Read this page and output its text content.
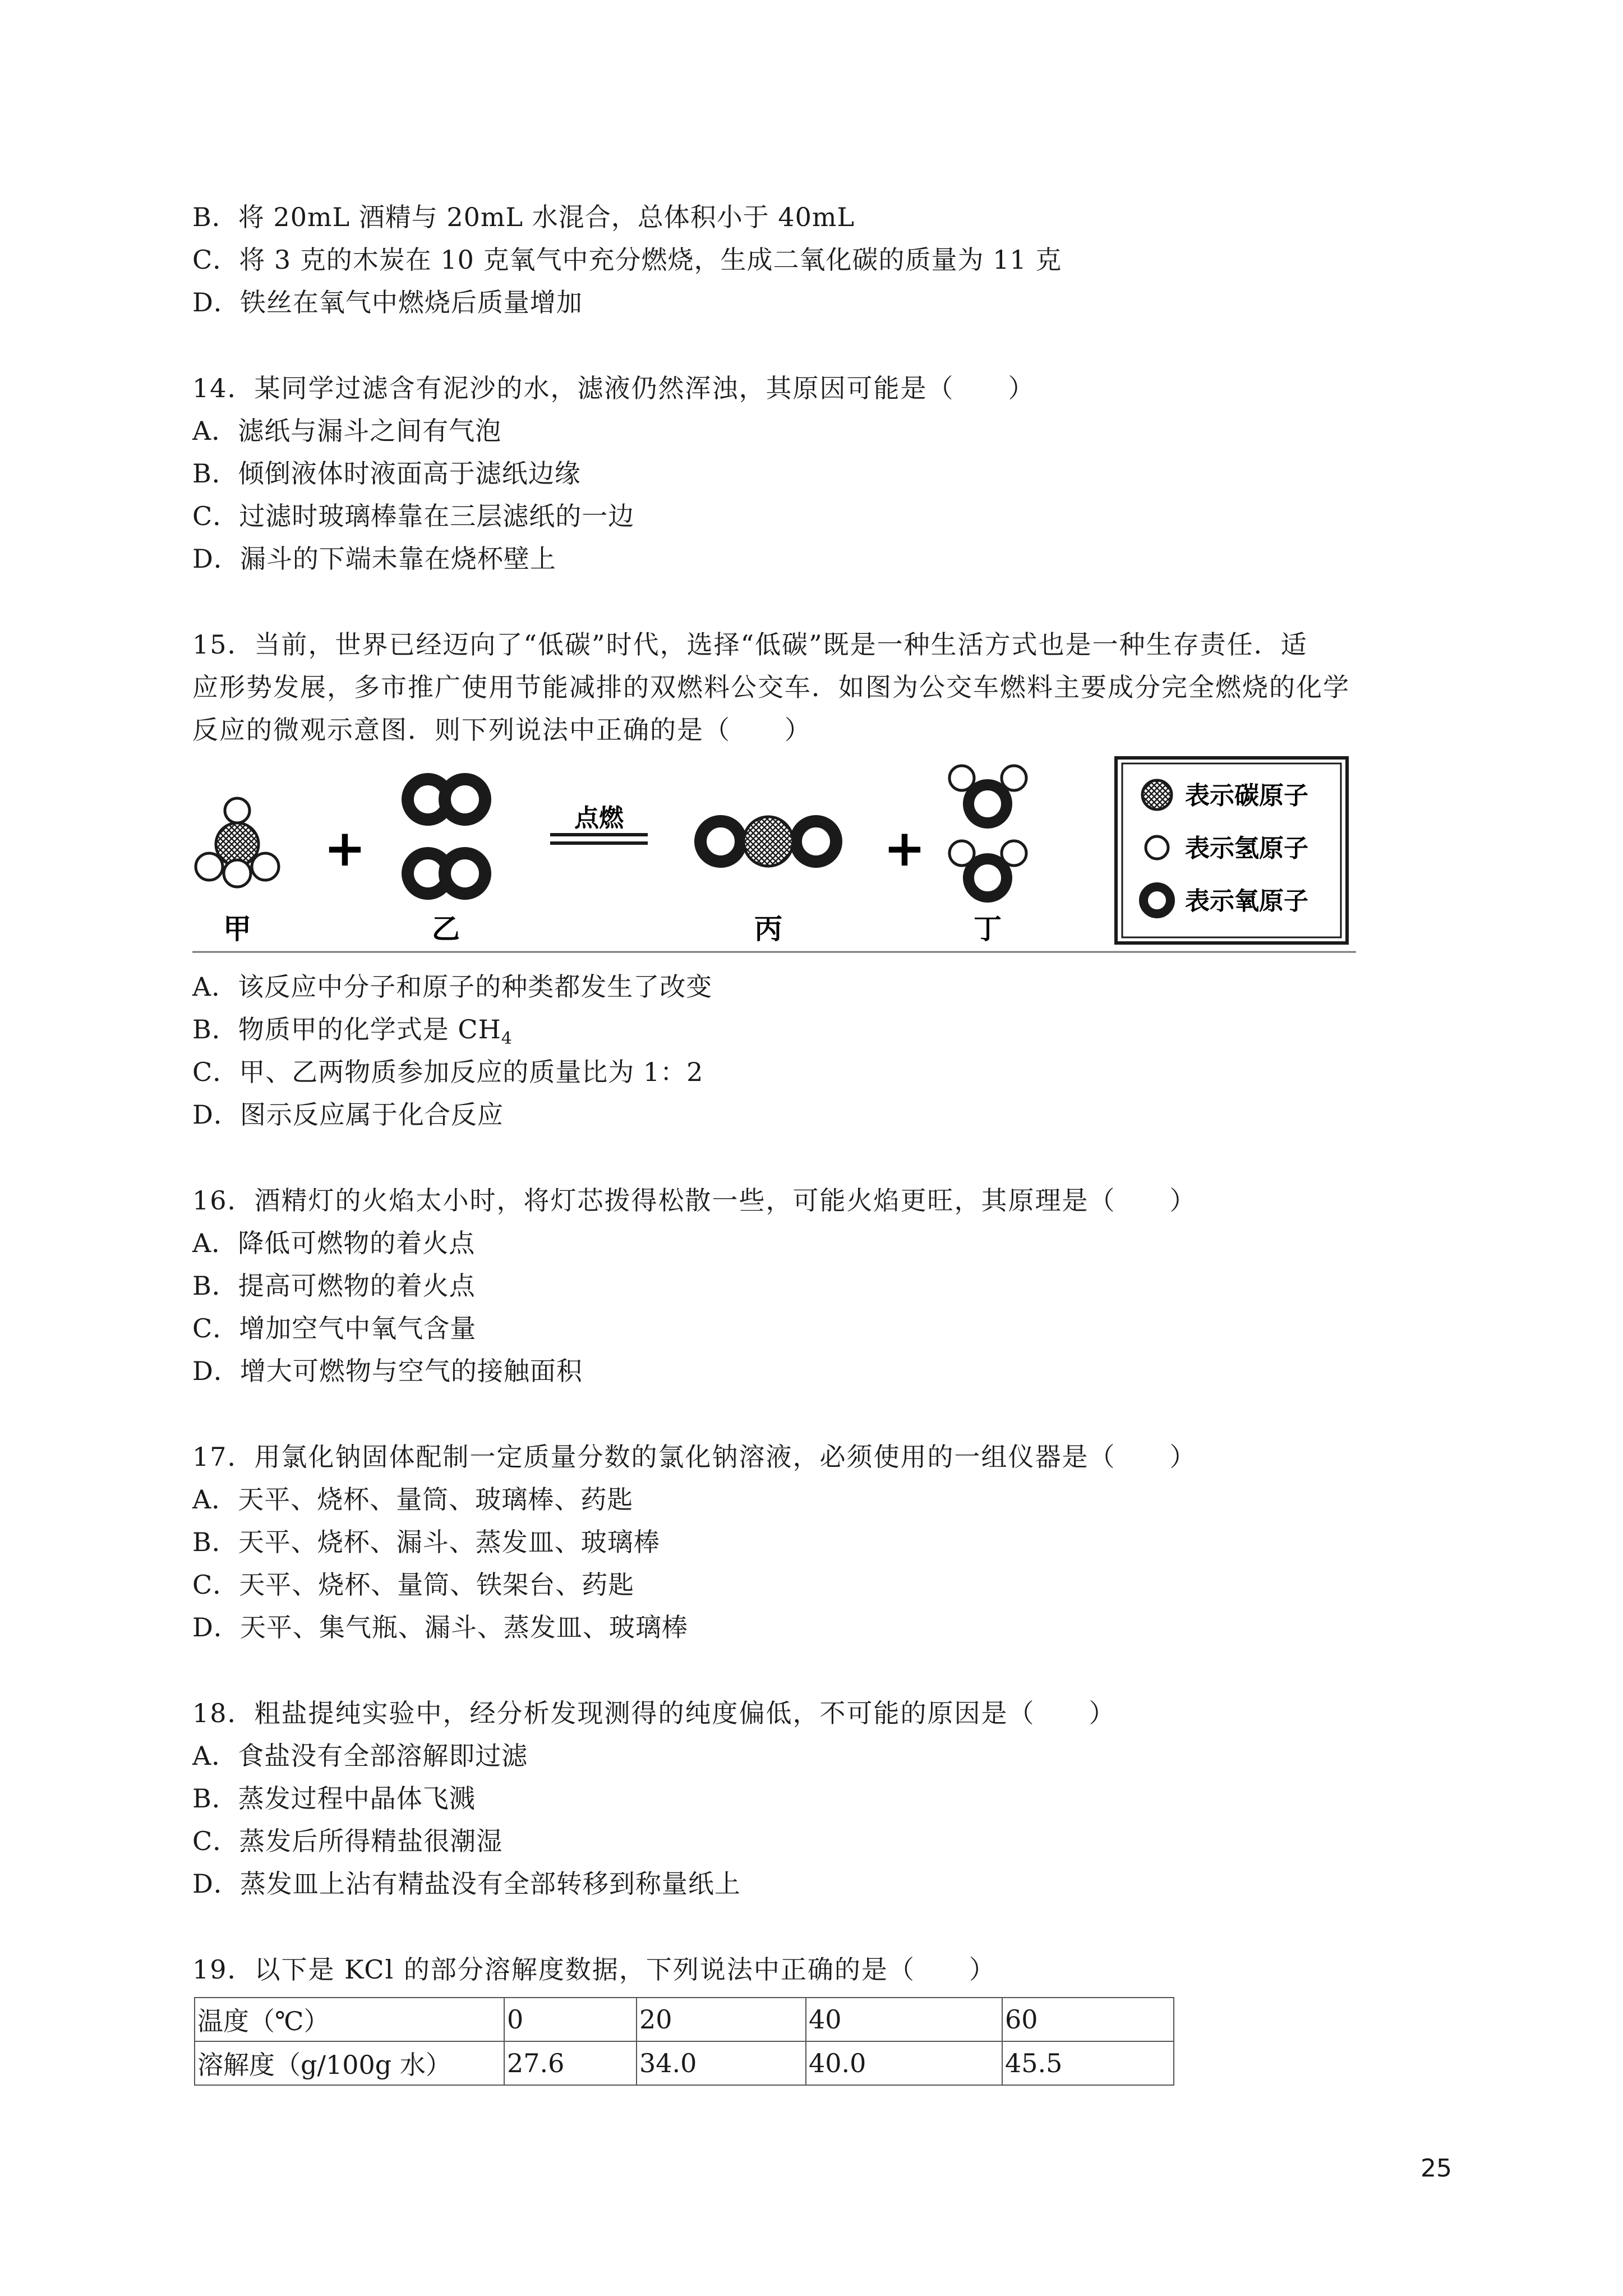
B．将 20mL 酒精与 20mL 水混合，总体积小于 40mL
C．将 3 克的木炭在 10 克氧气中充分燃烧，生成二氧化碳的质量为 11 克
D．铁丝在氧气中燃烧后质量增加
14．某同学过滤含有泥沙的水，滤液仍然浑浊，其原因可能是（　　）
A．滤纸与漏斗之间有气泡
B．倾倒液体时液面高于滤纸边缘
C．过滤时玻璃棒靠在三层滤纸的一边
D．漏斗的下端未靠在烧杯壁上
15．当前，世界已经迈向了“低碳”时代，选择“低碳”既是一种生活方式也是一种生存责任．适
应形势发展，多市推广使用节能减排的双燃料公交车．如图为公交车燃料主要成分完全燃烧的化学
反应的微观示意图．则下列说法中正确的是（　　）
甲
+
乙
点燃
丙
+
丁
表示碳原子
表示氢原子
表示氧原子
A．该反应中分子和原子的种类都发生了改变
B．物质甲的化学式是 $CH_4$
C．甲、乙两物质参加反应的质量比为 1：2
D．图示反应属于化合反应
16．酒精灯的火焰太小时，将灯芯拨得松散一些，可能火焰更旺，其原理是（　　）
A．降低可燃物的着火点
B．提高可燃物的着火点
C．增加空气中氧气含量
D．增大可燃物与空气的接触面积
17．用氯化钠固体配制一定质量分数的氯化钠溶液，必须使用的一组仪器是（　　）
A．天平、烧杯、量筒、玻璃棒、药匙
B．天平、烧杯、漏斗、蒸发皿、玻璃棒
C．天平、烧杯、量筒、铁架台、药匙
D．天平、集气瓶、漏斗、蒸发皿、玻璃棒
18．粗盐提纯实验中，经分析发现测得的纯度偏低，不可能的原因是（　　）
A．食盐没有全部溶解即过滤
B．蒸发过程中晶体飞溅
C．蒸发后所得精盐很潮湿
D．蒸发皿上沾有精盐没有全部转移到称量纸上
19．以下是 KCl 的部分溶解度数据，下列说法中正确的是（　　）
温度（℃）	0	20	40	60
溶解度（g/100g 水）	27.6	34.0	40.0	45.5
25
